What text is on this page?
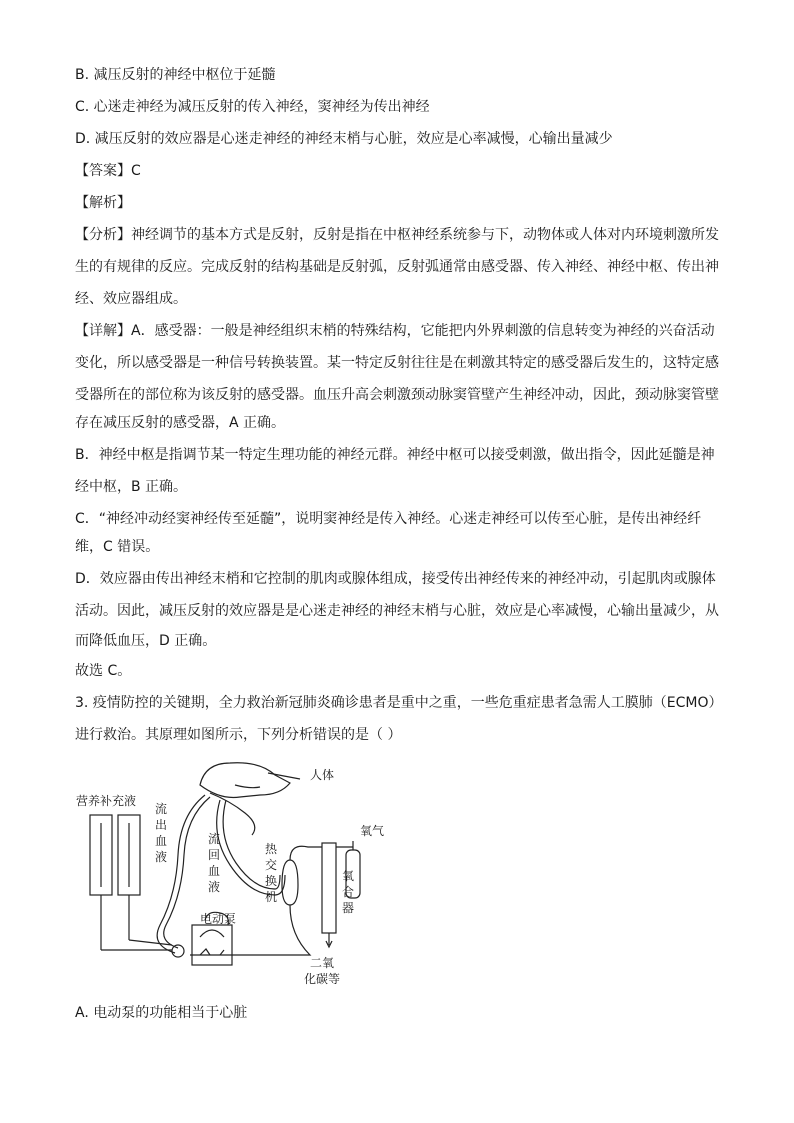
B. 减压反射的神经中枢位于延髓
C. 心迷走神经为减压反射的传入神经，窦神经为传出神经
D. 减压反射的效应器是心迷走神经的神经末梢与心脏，效应是心率减慢，心输出量减少
【答案】C
【解析】
【分析】神经调节的基本方式是反射，反射是指在中枢神经系统参与下，动物体或人体对内环境刺激所发
生的有规律的反应。完成反射的结构基础是反射弧，反射弧通常由感受器、传入神经、神经中枢、传出神
经、效应器组成。
【详解】A．感受器：一般是神经组织末梢的特殊结构，它能把内外界刺激的信息转变为神经的兴奋活动
变化，所以感受器是一种信号转换装置。某一特定反射往往是在刺激其特定的感受器后发生的，这特定感
受器所在的部位称为该反射的感受器。血压升高会刺激颈动脉窦管壁产生神经冲动，因此，颈动脉窦管壁
存在减压反射的感受器，A 正确。
B．神经中枢是指调节某一特定生理功能的神经元群。神经中枢可以接受刺激，做出指令，因此延髓是神
经中枢，B 正确。
C．“神经冲动经窦神经传至延髓”，说明窦神经是传入神经。心迷走神经可以传至心脏，是传出神经纤
维，C 错误。
D．效应器由传出神经末梢和它控制的肌肉或腺体组成，接受传出神经传来的神经冲动，引起肌肉或腺体
活动。因此，减压反射的效应器是是心迷走神经的神经末梢与心脏，效应是心率减慢，心输出量减少，从
而降低血压，D 正确。
故选 C。
3. 疫情防控的关键期，全力救治新冠肺炎确诊患者是重中之重，一些危重症患者急需人工膜肺（ECMO）
进行救治。其原理如图所示，下列分析错误的是（ ）
人体
营养补充液
氧气
电动泵
流
出
血
液
流
回
血
液
热
交
换
机
氧
合
器
二氧
化碳等
A. 电动泵的功能相当于心脏
